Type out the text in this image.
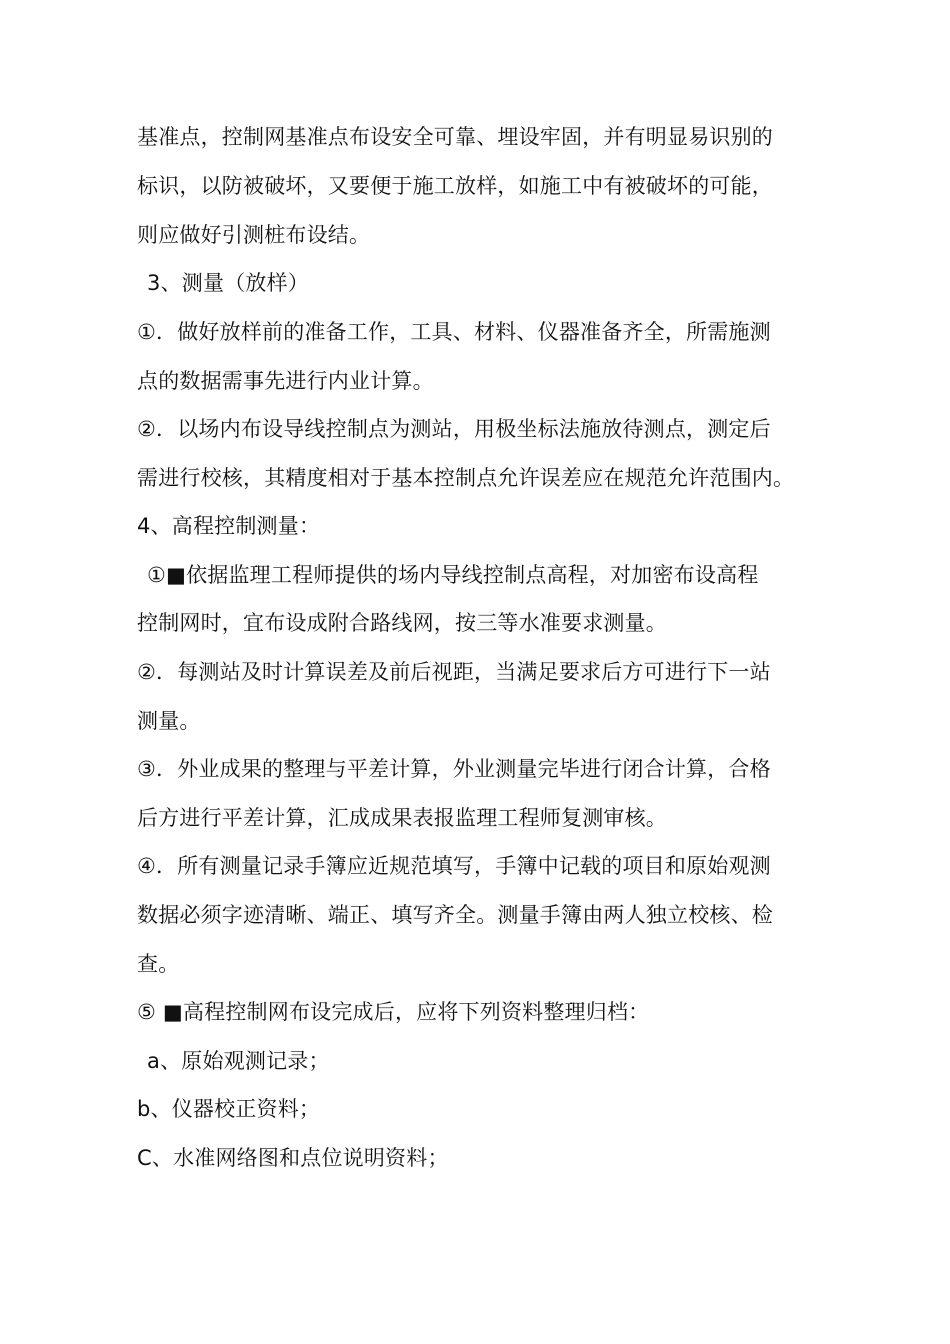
基准点，控制网基准点布设安全可靠、埋设牢固，并有明显易识别的
标识，以防被破坏，又要便于施工放样，如施工中有被破坏的可能，
则应做好引测桩布设结。
3、测量（放样）
①．做好放样前的准备工作，工具、材料、仪器准备齐全，所需施测
点的数据需事先进行内业计算。
②．以场内布设导线控制点为测站，用极坐标法施放待测点，测定后
需进行校核，其精度相对于基本控制点允许误差应在规范允许范围内。
4、高程控制测量：
①■依据监理工程师提供的场内导线控制点高程，对加密布设高程
控制网时，宜布设成附合路线网，按三等水准要求测量。
②．每测站及时计算误差及前后视距，当满足要求后方可进行下一站
测量。
③．外业成果的整理与平差计算，外业测量完毕进行闭合计算，合格
后方进行平差计算，汇成成果表报监理工程师复测审核。
④．所有测量记录手簿应近规范填写，手簿中记载的项目和原始观测
数据必须字迹清晰、端正、填写齐全。测量手簿由两人独立校核、检
查。
⑤ ■高程控制网布设完成后，应将下列资料整理归档：
a、原始观测记录；
b、仪器校正资料；
C、水准网络图和点位说明资料；
